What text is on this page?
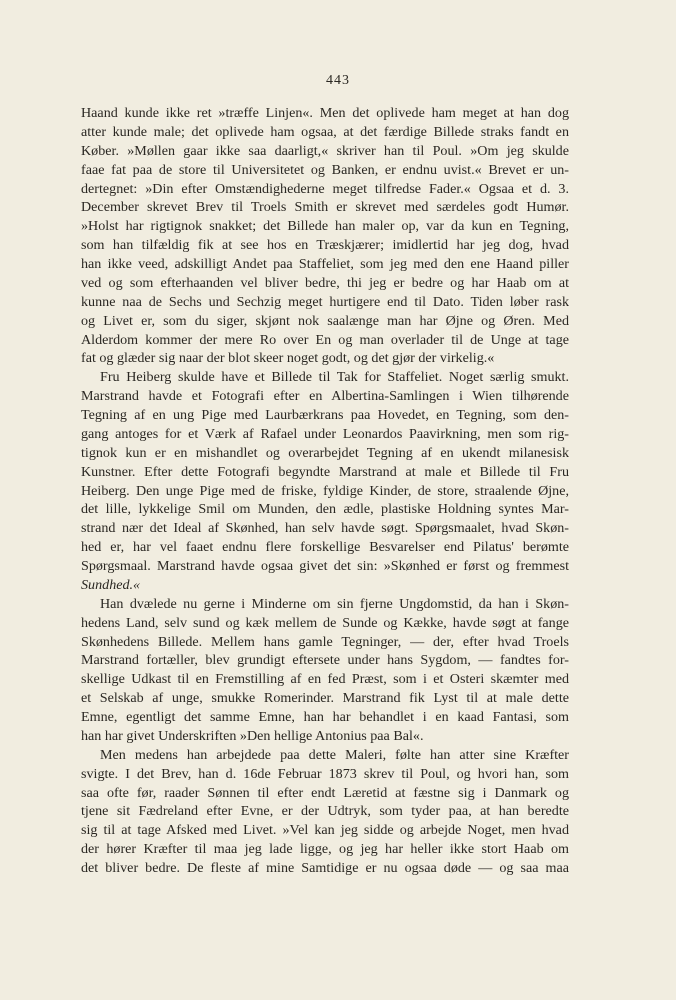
443
Haand kunde ikke ret »træffe Linjen«. Men det oplivede ham meget at han dog
atter kunde male; det oplivede ham ogsaa, at det færdige Billede straks fandt en
Køber. »Møllen gaar ikke saa daarligt,« skriver han til Poul. »Om jeg skulde
faae fat paa de store til Universitetet og Banken, er endnu uvist.« Brevet er un-
dertegnet: »Din efter Omstændighederne meget tilfredse Fader.« Ogsaa et d. 3.
December skrevet Brev til Troels Smith er skrevet med særdeles godt Humør.
»Holst har rigtignok snakket; det Billede han maler op, var da kun en Tegning,
som han tilfældig fik at see hos en Træskjærer; imidlertid har jeg dog, hvad
han ikke veed, adskilligt Andet paa Staffeliet, som jeg med den ene Haand piller
ved og som efterhaanden vel bliver bedre, thi jeg er bedre og har Haab om at
kunne naa de Sechs und Sechzig meget hurtigere end til Dato. Tiden løber rask
og Livet er, som du siger, skjønt nok saalænge man har Øjne og Øren. Med
Alderdom kommer der mere Ro over En og man overlader til de Unge at tage
fat og glæder sig naar der blot skeer noget godt, og det gjør der virkelig.«
Fru Heiberg skulde have et Billede til Tak for Staffeliet. Noget særlig smukt.
Marstrand havde et Fotografi efter en Albertina-Samlingen i Wien tilhørende
Tegning af en ung Pige med Laurbærkrans paa Hovedet, en Tegning, som den-
gang antoges for et Værk af Rafael under Leonardos Paavirkning, men som rig-
tignok kun er en mishandlet og overarbejdet Tegning af en ukendt milanesisk
Kunstner. Efter dette Fotografi begyndte Marstrand at male et Billede til Fru
Heiberg. Den unge Pige med de friske, fyldige Kinder, de store, straalende Øjne,
det lille, lykkelige Smil om Munden, den ædle, plastiske Holdning syntes Mar-
strand nær det Ideal af Skønhed, han selv havde søgt. Spørgsmaalet, hvad Skøn-
hed er, har vel faaet endnu flere forskellige Besvarelser end Pilatus' berømte
Spørgsmaal. Marstrand havde ogsaa givet det sin: »Skønhed er først og fremmest
Sundhed.«
Han dvælede nu gerne i Minderne om sin fjerne Ungdomstid, da han i Skøn-
hedens Land, selv sund og kæk mellem de Sunde og Kække, havde søgt at fange
Skønhedens Billede. Mellem hans gamle Tegninger, — der, efter hvad Troels
Marstrand fortæller, blev grundigt eftersete under hans Sygdom, — fandtes for-
skellige Udkast til en Fremstilling af en fed Præst, som i et Osteri skæmter med
et Selskab af unge, smukke Romerinder. Marstrand fik Lyst til at male dette
Emne, egentligt det samme Emne, han har behandlet i en kaad Fantasi, som
han har givet Underskriften »Den hellige Antonius paa Bal«.
Men medens han arbejdede paa dette Maleri, følte han atter sine Kræfter
svigte. I det Brev, han d. 16de Februar 1873 skrev til Poul, og hvori han, som
saa ofte før, raader Sønnen til efter endt Læretid at fæstne sig i Danmark og
tjene sit Fædreland efter Evne, er der Udtryk, som tyder paa, at han beredte
sig til at tage Afsked med Livet. »Vel kan jeg sidde og arbejde Noget, men hvad
der hører Kræfter til maa jeg lade ligge, og jeg har heller ikke stort Haab om
det bliver bedre. De fleste af mine Samtidige er nu ogsaa døde — og saa maa
